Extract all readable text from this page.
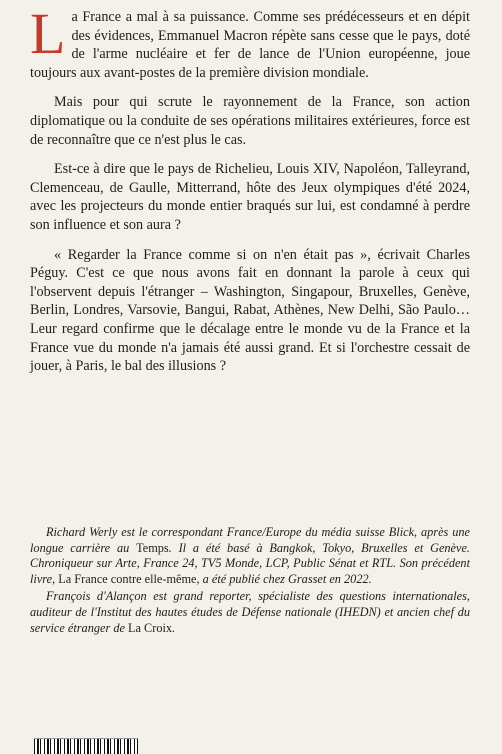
La France a mal à sa puissance. Comme ses prédécesseurs et en dépit des évidences, Emmanuel Macron répète sans cesse que le pays, doté de l'arme nucléaire et fer de lance de l'Union européenne, joue toujours aux avant-postes de la première division mondiale.

Mais pour qui scrute le rayonnement de la France, son action diplomatique ou la conduite de ses opérations militaires extérieures, force est de reconnaître que ce n'est plus le cas.

Est-ce à dire que le pays de Richelieu, Louis XIV, Napoléon, Talleyrand, Clemenceau, de Gaulle, Mitterrand, hôte des Jeux olympiques d'été 2024, avec les projecteurs du monde entier braqués sur lui, est condamné à perdre son influence et son aura ?

« Regarder la France comme si on n'en était pas », écrivait Charles Péguy. C'est ce que nous avons fait en donnant la parole à ceux qui l'observent depuis l'étranger – Washington, Singapour, Bruxelles, Genève, Berlin, Londres, Varsovie, Bangui, Rabat, Athènes, New Delhi, São Paulo… Leur regard confirme que le décalage entre le monde vu de la France et la France vue du monde n'a jamais été aussi grand. Et si l'orchestre cessait de jouer, à Paris, le bal des illusions ?

Richard Werly est le correspondant France/Europe du média suisse Blick, après une longue carrière au Temps. Il a été basé à Bangkok, Tokyo, Bruxelles et Genève. Chroniqueur sur Arte, France 24, TV5 Monde, LCP, Public Sénat et RTL. Son précédent livre, La France contre elle-même, a été publié chez Grasset en 2022.

François d'Alançon est grand reporter, spécialiste des questions internationales, auditeur de l'Institut des hautes études de Défense nationale (IHEDN) et ancien chef du service étranger de La Croix.
